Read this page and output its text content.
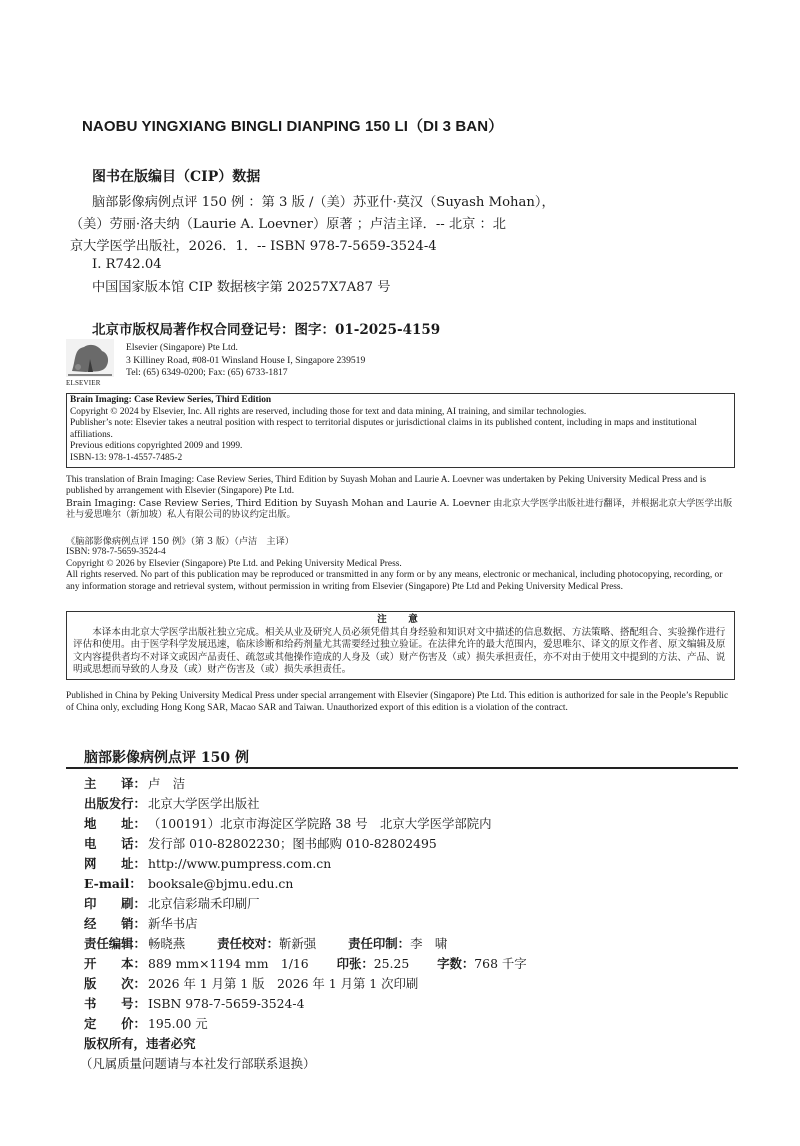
NAOBU YINGXIANG BINGLI DIANPING 150 LI（DI 3 BAN）
图书在版编目（CIP）数据
脑部影像病例点评 150 例 ：第 3 版 /（美）苏亚什·莫汉（Suyash Mohan），
（美）劳丽·洛夫纳（Laurie A. Loevner）原著 ；卢洁主译．-- 北京 ：北
京大学医学出版社，2026．1．-- ISBN 978-7-5659-3524-4
Ⅰ. R742.04
中国国家版本馆 CIP 数据核字第 20257X7A87 号
北京市版权局著作权合同登记号：图字：01-2025-4159
ELSEVIER
Elsevier (Singapore) Pte Ltd.
3 Killiney Road, #08-01 Winsland House I, Singapore 239519
Tel: (65) 6349-0200; Fax: (65) 6733-1817
Brain Imaging: Case Review Series, Third Edition
Copyright © 2024 by Elsevier, Inc. All rights are reserved, including those for text and data mining, AI training, and similar technologies.
Publisher’s note: Elsevier takes a neutral position with respect to territorial disputes or jurisdictional claims in its published content, including in maps and institutional affiliations.
Previous editions copyrighted 2009 and 1999.
ISBN-13: 978-1-4557-7485-2
This translation of Brain Imaging: Case Review Series, Third Edition by Suyash Mohan and Laurie A. Loevner was undertaken by Peking University Medical Press and is published by arrangement with Elsevier (Singapore) Pte Ltd.
Brain Imaging: Case Review Series, Third Edition by Suyash Mohan and Laurie A. Loevner 由北京大学医学出版社进行翻译，并根据北京大学医学出版社与爱思唯尔（新加坡）私人有限公司的协议约定出版。
《脑部影像病例点评 150 例》（第 3 版）（卢洁　主译）
ISBN: 978-7-5659-3524-4
Copyright © 2026 by Elsevier (Singapore) Pte Ltd. and Peking University Medical Press.
All rights reserved. No part of this publication may be reproduced or transmitted in any form or by any means, electronic or mechanical, including photocopying, recording, or any information storage and retrieval system, without permission in writing from Elsevier (Singapore) Pte Ltd and Peking University Medical Press.
注　意
本译本由北京大学医学出版社独立完成。相关从业及研究人员必须凭借其自身经验和知识对文中描述的信息数据、方法策略、搭配组合、实验操作进行评估和使用。由于医学科学发展迅速，临床诊断和给药剂量尤其需要经过独立验证。在法律允许的最大范围内，爱思唯尔、译文的原文作者、原文编辑及原文内容提供者均不对译文或因产品责任、疏忽或其他操作造成的人身及（或）财产伤害及（或）损失承担责任，亦不对由于使用文中提到的方法、产品、说明或思想而导致的人身及（或）财产伤害及（或）损失承担责任。
Published in China by Peking University Medical Press under special arrangement with Elsevier (Singapore) Pte Ltd. This edition is authorized for sale in the People’s Republic of China only, excluding Hong Kong SAR, Macao SAR and Taiwan. Unauthorized export of this edition is a violation of the contract.
脑部影像病例点评 150 例
主　　译： 卢　洁
出版发行： 北京大学医学出版社
地　　址： （100191）北京市海淀区学院路 38 号　北京大学医学部院内
电　　话： 发行部 010-82802230；图书邮购 010-82802495
网　　址： http://www.pumpress.com.cn
E-mail： booksale@bjmu.edu.cn
印　　刷： 北京信彩瑞禾印刷厂
经　　销： 新华书店
责任编辑： 畅晓燕	责任校对：靳新强	责任印制：李　啸
开　　本： 889 mm×1194 mm　1/16 印张：25.25 字数：768 千字
版　　次： 2026 年 1 月第 1 版　2026 年 1 月第 1 次印刷
书　　号： ISBN 978-7-5659-3524-4
定　　价： 195.00 元
版权所有，违者必究
（凡属质量问题请与本社发行部联系退换）
